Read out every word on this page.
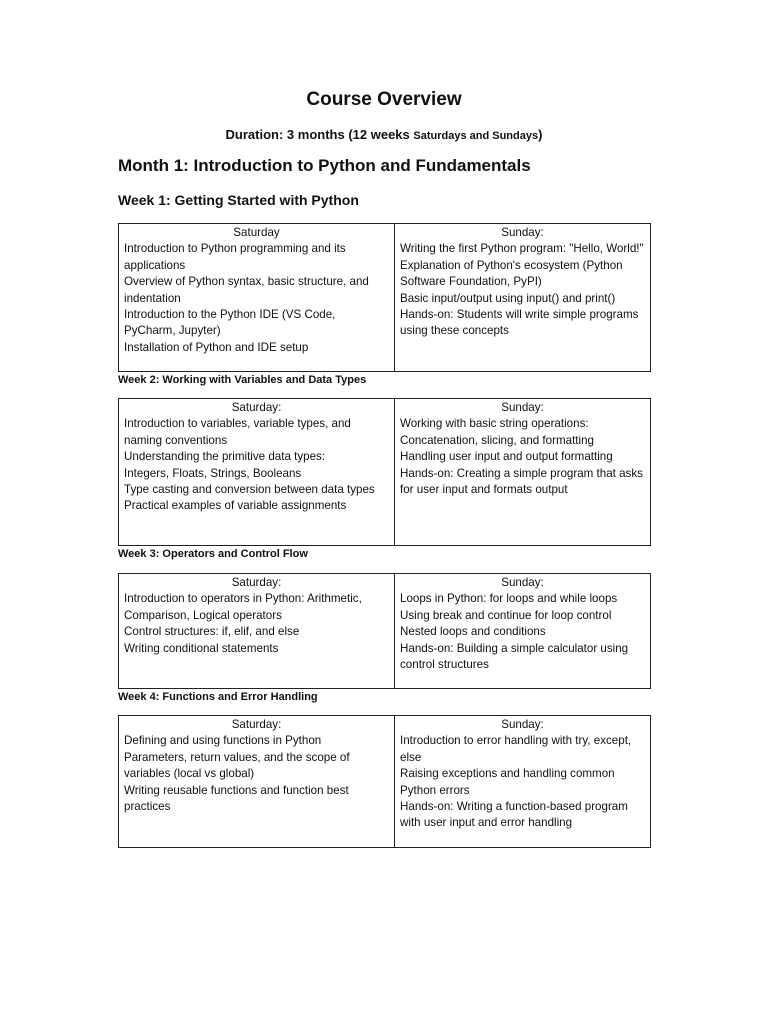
Course Overview
Duration: 3 months (12 weeks Saturdays and Sundays)
Month 1: Introduction to Python and Fundamentals
Week 1: Getting Started with Python
Saturday
Introduction to Python programming and its applications
Overview of Python syntax, basic structure, and indentation
Introduction to the Python IDE (VS Code, PyCharm, Jupyter)
Installation of Python and IDE setup

Sunday:
Writing the first Python program: "Hello, World!"
Explanation of Python's ecosystem (Python Software Foundation, PyPI)
Basic input/output using input() and print()
Hands-on: Students will write simple programs using these concepts
Week 2: Working with Variables and Data Types
Saturday:
Introduction to variables, variable types, and naming conventions
Understanding the primitive data types:
Integers, Floats, Strings, Booleans
Type casting and conversion between data types
Practical examples of variable assignments

Sunday:
Working with basic string operations:
Concatenation, slicing, and formatting
Handling user input and output formatting
Hands-on: Creating a simple program that asks for user input and formats output
Week 3: Operators and Control Flow
Saturday:
Introduction to operators in Python: Arithmetic, Comparison, Logical operators
Control structures: if, elif, and else
Writing conditional statements

Sunday:
Loops in Python: for loops and while loops
Using break and continue for loop control
Nested loops and conditions
Hands-on: Building a simple calculator using control structures
Week 4: Functions and Error Handling
Saturday:
Defining and using functions in Python
Parameters, return values, and the scope of variables (local vs global)
Writing reusable functions and function best practices

Sunday:
Introduction to error handling with try, except, else
Raising exceptions and handling common Python errors
Hands-on: Writing a function-based program with user input and error handling
